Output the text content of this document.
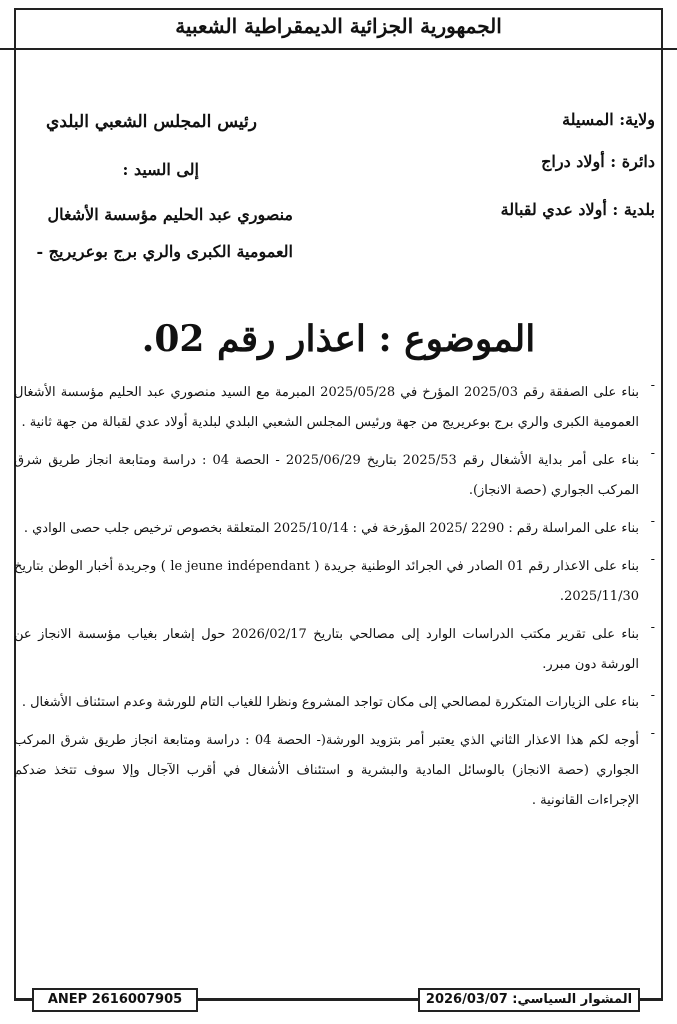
الجمهورية الجزائية الديمقراطية الشعبية
ولاية: المسيلة
دائرة : أولاد دراج
بلدية : أولاد عدي لقبالة
رئيس المجلس الشعبي البلدي
إلى السيد :
منصوري عبد الحليم مؤسسة الأشغال
العمومية الكبرى والري برج بوعريريج -
الموضوع : اعذار رقم 02.
-
بناء على الصفقة رقم 2025/03 المؤرخ في 2025/05/28 المبرمة مع السيد منصوري عبد الحليم مؤسسة الأشغال العمومية الكبرى والري برج بوعريريج من جهة ورئيس المجلس الشعبي البلدي لبلدية أولاد عدي لقبالة من جهة ثانية .
-
بناء على أمر بداية الأشغال رقم 2025/53 بتاريخ 2025/06/29 - الحصة 04 : دراسة ومتابعة انجاز طريق شرق المركب الجواري (حصة الانجاز).
-
بناء على المراسلة رقم : 2290 /2025 المؤرخة في : 2025/10/14 المتعلقة بخصوص ترخيص جلب حصى الوادي .
-
بناء على الاعذار رقم 01 الصادر في الجرائد الوطنية جريدة ( le jeune indépendant ) وجريدة أخبار الوطن بتاريخ 2025/11/30.
-
بناء على تقرير مكتب الدراسات الوارد إلى مصالحي بتاريخ 2026/02/17 حول إشعار بغياب مؤسسة الانجاز عن الورشة دون مبرر.
-
بناء على الزيارات المتكررة لمصالحي إلى مكان تواجد المشروع ونظرا للغياب التام للورشة وعدم استئناف الأشغال .
-
أوجه لكم هذا الاعذار الثاني الذي يعتبر أمر بتزويد الورشة(- الحصة 04 : دراسة ومتابعة انجاز طريق شرق المركب الجواري (حصة الانجاز) بالوسائل المادية والبشرية و استئناف الأشغال في أقرب الآجال وإلا سوف تتخذ ضدكم الإجراءات القانونية .
ANEP 2616007905	المشوار السياسي: 2026/03/07
